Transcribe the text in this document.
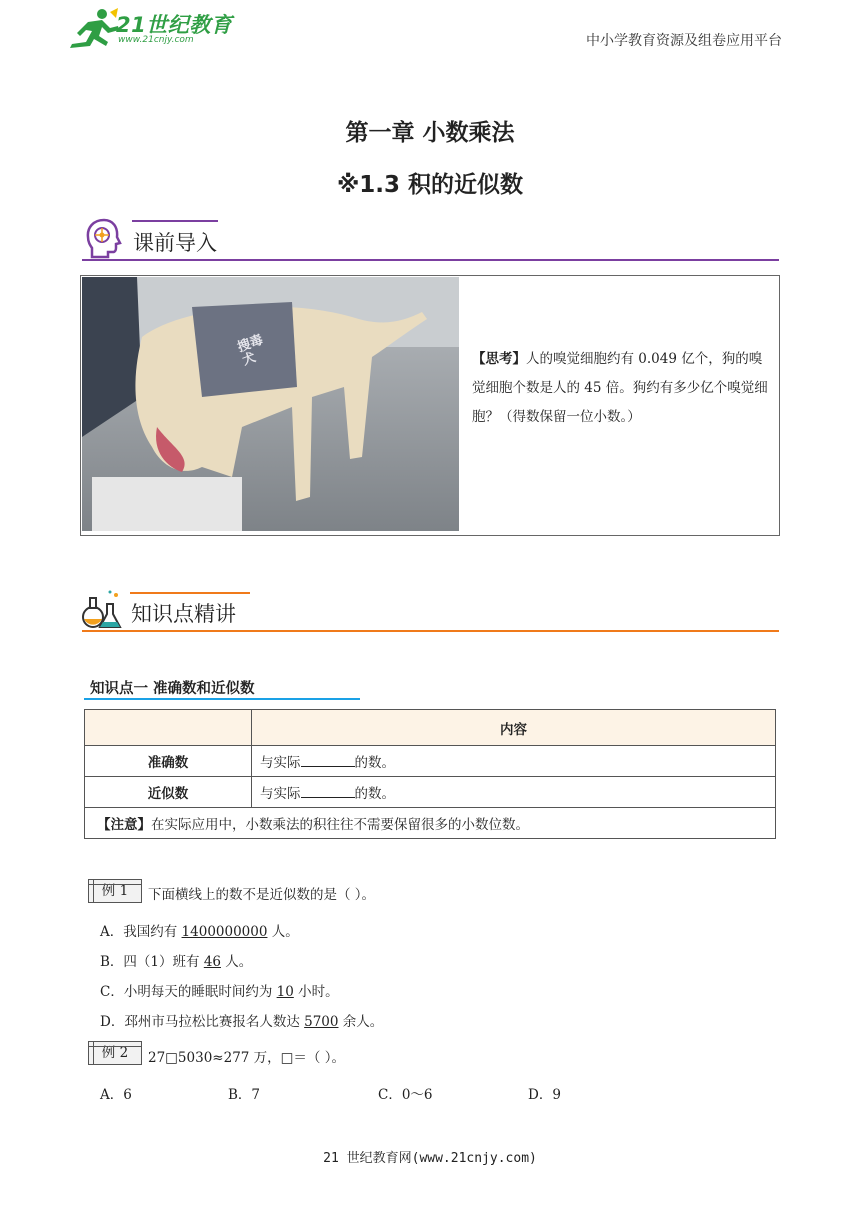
21世纪教育
www.21cnjy.com	中小学教育资源及组卷应用平台
第一章 小数乘法
※1.3 积的近似数
课前导入
搜毒犬	【思考】人的嗅觉细胞约有 0.049 亿个，狗的嗅觉细胞个数是人的 45 倍。狗约有多少亿个嗅觉细胞？（得数保留一位小数。）
知识点精讲
知识点一 准确数和近似数
	内容
准确数	与实际 的数。
近似数	与实际 的数。
【注意】在实际应用中，小数乘法的积往往不需要保留很多的小数位数。	
例 1	下面横线上的数不是近似数的是（ ）。
A．我国约有 1400000000 人。
B．四（1）班有 46 人。
C．小明每天的睡眠时间约为 10 小时。
D．邳州市马拉松比赛报名人数达 5700 余人。
例 2	27□5030≈277 万，□＝（ ）。
A．6	B．7	C．0～6	D．9
21 世纪教育网(www.21cnjy.com)
